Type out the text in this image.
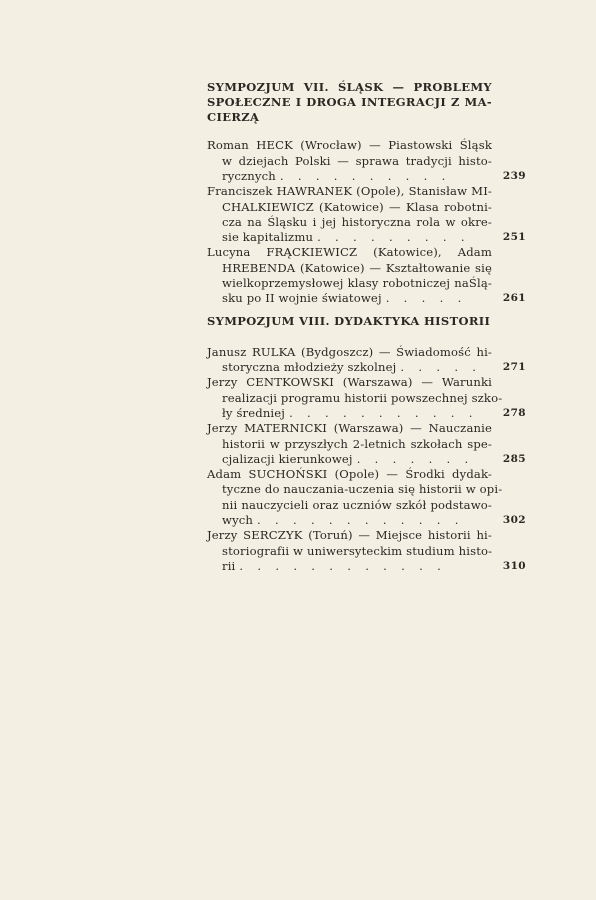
SYMPOZJUM VII. ŚLĄSK — PROBLEMY
SPOŁECZNE I DROGA INTEGRACJI Z MA-
CIERZĄ
Roman HECK (Wrocław) — Piastowski Śląsk
w dziejach Polski — sprawa tradycji histo-
rycznych . . . . . . . . . .	239
Franciszek HAWRANEK (Opole), Stanisław MI-
CHALKIEWICZ (Katowice) — Klasa robotni-
cza na Śląsku i jej historyczna rola w okre-
sie kapitalizmu . . . . . . . . .	251
Lucyna FRĄCKIEWICZ (Katowice), Adam
HREBENDA (Katowice) — Kształtowanie się
wielkoprzemysłowej klasy robotniczej naŚlą-
sku po II wojnie światowej . . . . .	261
SYMPOZJUM VIII. DYDAKTYKA HISTORII
Janusz RULKA (Bydgoszcz) — Świadomość hi-
storyczna młodzieży szkolnej . . . . .	271
Jerzy CENTKOWSKI (Warszawa) — Warunki
realizacji programu historii powszechnej szko-
ły średniej . . . . . . . . . . .	278
Jerzy MATERNICKI (Warszawa) — Nauczanie
historii w przyszłych 2-letnich szkołach spe-
cjalizacji kierunkowej . . . . . . .	285
Adam SUCHOŃSKI (Opole) — Środki dydak-
tyczne do nauczania-uczenia się historii w opi-
nii nauczycieli oraz uczniów szkół podstawo-
wych . . . . . . . . . . . .	302
Jerzy SERCZYK (Toruń) — Miejsce historii hi-
storiografii w uniwersyteckim studium histo-
rii . . . . . . . . . . . .	310
